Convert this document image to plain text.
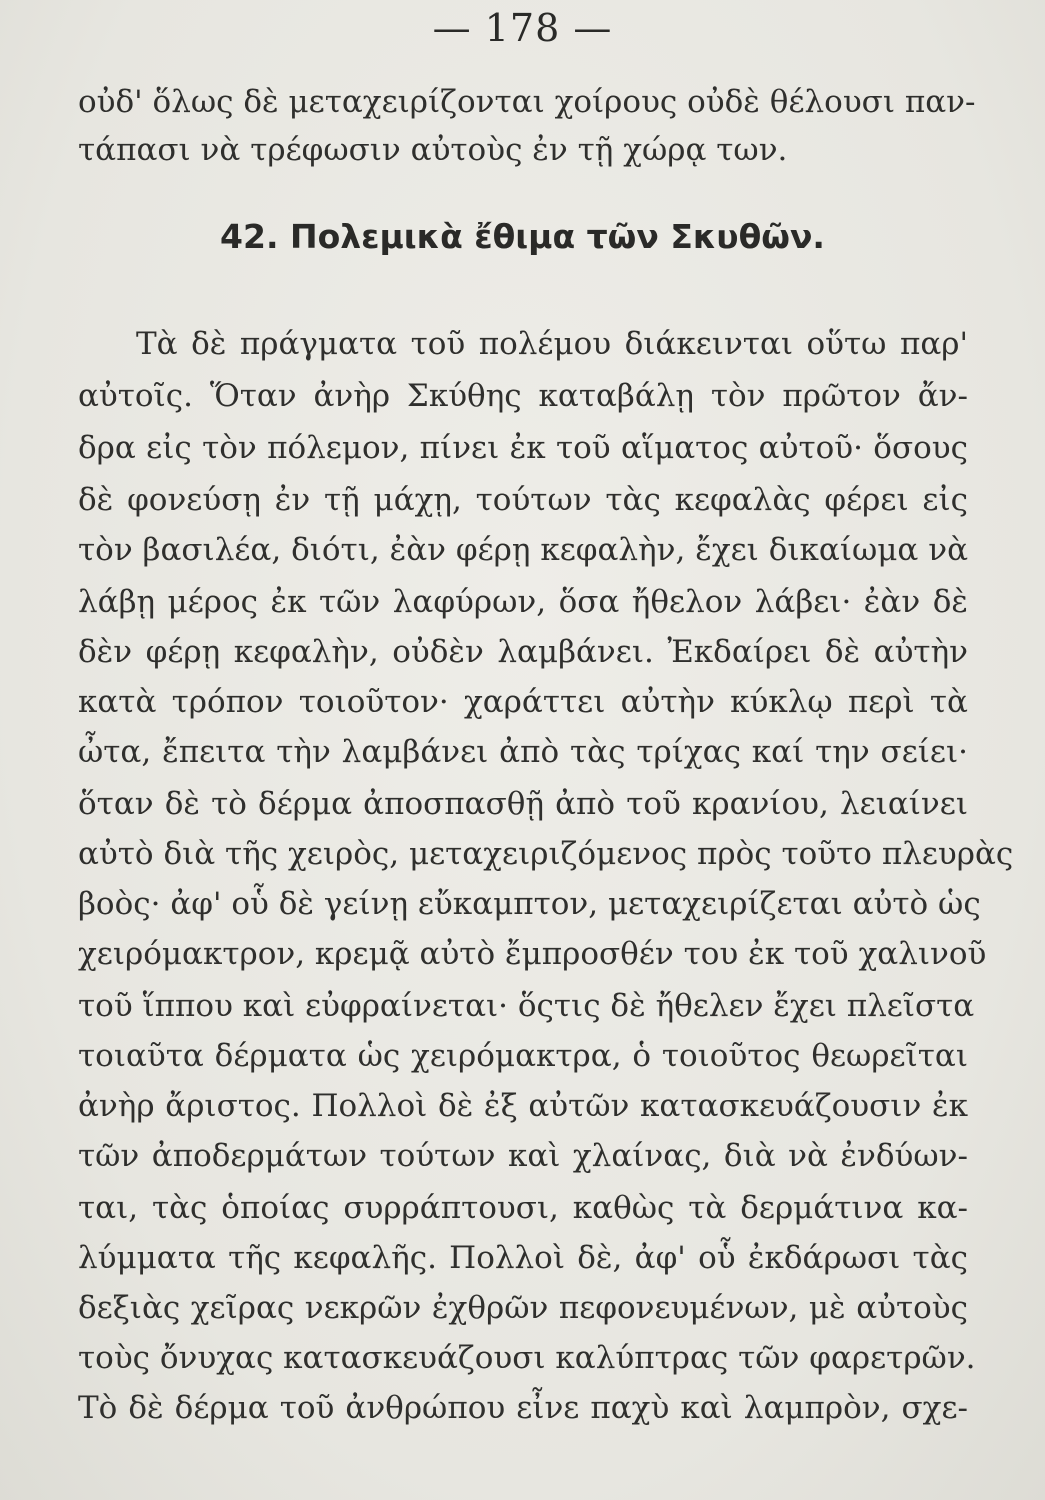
— 178 —
οὐδ' ὅλως δὲ μεταχειρίζονται χοίρους οὐδὲ θέλουσι παν-
τάπασι νὰ τρέφωσιν αὐτοὺς ἐν τῇ χώρᾳ των.
42. Πολεμικὰ ἔθιμα τῶν Σκυθῶν.
Τὰ δὲ πράγματα τοῦ πολέμου διάκεινται οὕτω παρ'
αὐτοῖς. Ὅταν ἀνὴρ Σκύθης καταβάλῃ τὸν πρῶτον ἄν-
δρα εἰς τὸν πόλεμον, πίνει ἐκ τοῦ αἵματος αὐτοῦ· ὅσους
δὲ φονεύσῃ ἐν τῇ μάχῃ, τούτων τὰς κεφαλὰς φέρει εἰς
τὸν βασιλέα, διότι, ἐὰν φέρῃ κεφαλὴν, ἔχει δικαίωμα νὰ
λάβῃ μέρος ἐκ τῶν λαφύρων, ὅσα ἤθελον λάβει· ἐὰν δὲ
δὲν φέρῃ κεφαλὴν, οὐδὲν λαμβάνει. Ἐκδαίρει δὲ αὐτὴν
κατὰ τρόπον τοιοῦτον· χαράττει αὐτὴν κύκλῳ περὶ τὰ
ὦτα, ἔπειτα τὴν λαμβάνει ἀπὸ τὰς τρίχας καί την σείει·
ὅταν δὲ τὸ δέρμα ἀποσπασθῇ ἀπὸ τοῦ κρανίου, λειαίνει
αὐτὸ διὰ τῆς χειρὸς, μεταχειριζόμενος πρὸς τοῦτο πλευρὰς
βοὸς· ἀφ' οὗ δὲ γείνῃ εὔκαμπτον, μεταχειρίζεται αὐτὸ ὡς
χειρόμακτρον, κρεμᾷ αὐτὸ ἔμπροσθέν του ἐκ τοῦ χαλινοῦ
τοῦ ἵππου καὶ εὐφραίνεται· ὅςτις δὲ ἤθελεν ἔχει πλεῖστα
τοιαῦτα δέρματα ὡς χειρόμακτρα, ὁ τοιοῦτος θεωρεῖται
ἀνὴρ ἄριστος. Πολλοὶ δὲ ἐξ αὐτῶν κατασκευάζουσιν ἐκ
τῶν ἀποδερμάτων τούτων καὶ χλαίνας, διὰ νὰ ἐνδύων-
ται, τὰς ὁποίας συρράπτουσι, καθὼς τὰ δερμάτινα κα-
λύμματα τῆς κεφαλῆς. Πολλοὶ δὲ, ἀφ' οὗ ἐκδάρωσι τὰς
δεξιὰς χεῖρας νεκρῶν ἐχθρῶν πεφονευμένων, μὲ αὐτοὺς
τοὺς ὄνυχας κατασκευάζουσι καλύπτρας τῶν φαρετρῶν.
Τὸ δὲ δέρμα τοῦ ἀνθρώπου εἶνε παχὺ καὶ λαμπρὸν, σχε-
